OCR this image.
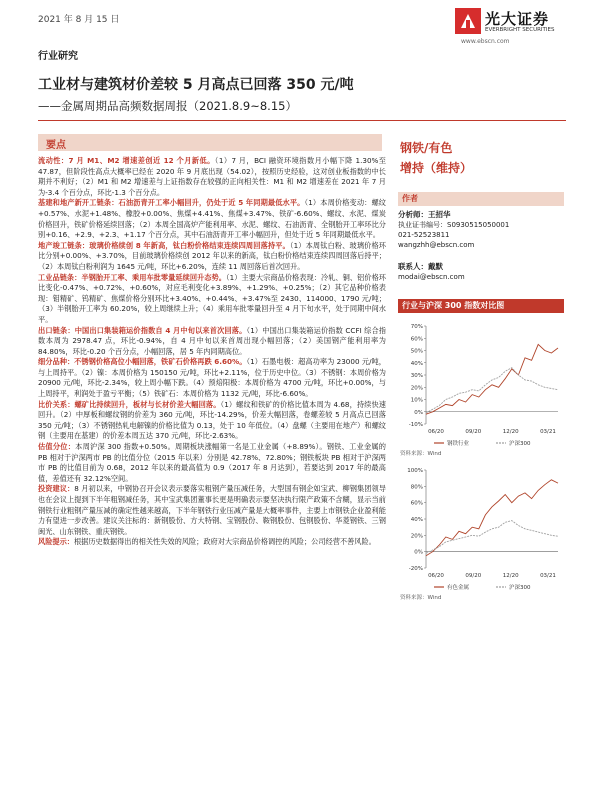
2021 年 8 月 15 日	光大证券
EVERBRIGHT SECURITIES
www.ebscn.com
行业研究
工业材与建筑材价差较 5 月高点已回落 350 元/吨
——金属周期品高频数据周报（2021.8.9~8.15）
要点

流动性：7 月 M1、M2 增速差创近 12 个月新低。（1）7 月，BCI 融资环境指数月小幅下降 1.30%至 47.87，但阶段性高点大概率已经在 2020 年 9 月底出现（54.02），按照历史经验，这对创业板指数的中长期并不利好；（2）M1 和 M2 增速差与上证指数存在较强的正向相关性：M1 和 M2 增速差在 2021 年 7 月为-3.4 个百分点，环比-1.3 个百分点。

基建和地产新开工链条：石油沥青开工率小幅回升，仍处于近 5 年同期最低水平。（1）本周价格变动：螺纹+0.57%、水泥+1.48%、橡胶+0.00%、焦煤+4.41%、焦煤+3.47%、铁矿-6.60%、螺纹、水泥、煤炭价格回升，铁矿价格延续回落；（2）本周全国高炉产能利用率、水泥、螺纹、石油沥青、全钢胎开工率环比分别+0.16、+2.9、+2.3、+1.17 个百分点，其中石油沥青开工率小幅回升，但处于近 5 年同期最低水平。

地产竣工链条：玻璃价格续创 8 年新高，钛白粉价格结束连续四周回落持平。（1）本周钛白粉、玻璃价格环比分别+0.00%、+3.70%，目前玻璃价格续创 2012 年以来的新高，钛白粉价格结束连续四周回落后持平；（2）本周钛白粉利润为 1645 元/吨，环比+6.20%，连续 11 周回落后首次回升。

工业品链条：半钢胎开工率、乘用车批零量延续回升态势。（1）主要大宗商品价格表现：冷轧、铜、铝价格环比变化-0.47%、+0.72%、+0.60%，对应毛利变化+3.89%、+1.29%、+0.25%；（2）其它品种价格表现：钼精矿、钨精矿、焦煤价格分别环比+3.40%、+0.44%、+3.47%至 2430、114000、1790 元/吨；（3）半钢胎开工率为 60.20%，较上周继续上升；（4）乘用车批零量回升至 4 月下旬水平，处于同期中间水平。

出口链条：中国出口集装箱运价指数自 4 月中旬以来首次回落。（1）中国出口集装箱运价指数 CCFI 综合指数本周为 2978.47 点，环比-0.94%，自 4 月中旬以来首周出现小幅回落；（2）美国钢产能利用率为 84.80%，环比-0.20 个百分点，小幅回落，居 5 年内同期高位。

细分品种：不锈钢价格高位小幅回落，铁矿石价格再跌 6.60%。（1）石墨电极：超高功率为 23000 元/吨，与上周持平。（2）镍：本周价格为 150150 元/吨，环比+2.11%，位于历史中位。（3）不锈钢：本周价格为 20900 元/吨，环比-2.34%，较上周小幅下跌。（4）预焙阳极：本周价格为 4700 元/吨，环比+0.00%，与上周持平，利润处于盈亏平衡；（5）铁矿石：本周价格为 1132 元/吨，环比-6.60%。

比价关系：螺矿比持续回升，板材与长材价差大幅回落。（1）螺纹和铁矿的价格比值本周为 4.68，持续快速回升。（2）中厚板和螺纹钢的价差为 360 元/吨，环比-14.29%，价差大幅回落，卷螺差较 5 月高点已回落 350 元/吨；（3）不锈钢热轧电解镍的价格比值为 0.13，处于 10 年低位。（4）盘螺（主要用在地产）和螺纹钢（主要用在基建）的价差本周五达 370 元/吨，环比-2.63%。

估值分位：本周沪深 300 指数+0.50%。周期板块涨幅第一名是工业金属（+8.89%）。钢铁、工业金属的 PB 相对于沪深两市 PB 的比值分位（2015 年以来）分别是 42.78%、72.80%；钢铁板块 PB 相对于沪深两市 PB 的比值目前为 0.68，2012 年以来的最高值为 0.9（2017 年 8 月达到），若要达到 2017 年的最高值，差值还有 32.12%空间。

投资建议：8 月初以来，中钢协召开会议表示要落实粗钢产量压减任务，大型国有钢企如宝武、柳钢集团领导也在会议上提到下半年粗钢减任务，其中宝武集团董事长更是明确表示要坚决执行限产政策不含糊，显示当前钢铁行业粗钢产量压减的确定性越来越高，下半年钢铁行业压减产量是大概率事件，主要上市钢铁企业盈利能力有望进一步改善。建议关注标的：新钢股份、方大特钢、宝钢股份、鞍钢股份、包钢股份、华菱钢铁、三钢闽光、山东钢铁、重庆钢铁。

风险提示：根据历史数据得出的相关性失效的风险；政府对大宗商品价格调控的风险；公司经营不善风险。

钢铁/有色
增持（维持）
作者
分析师：王招华
执业证书编号：S0930515050001
021-52523811
wangzhh@ebscn.com
联系人：戴默
modai@ebscn.com
行业与沪深 300 指数对比图
70%
60%
50%
40%
30%
20%
10%
0%
-10%
06/20	09/20	12/20	03/21
钢铁行业	沪深300
资料来源：Wind
100%
80%
60%
40%
20%
0%
-20%
06/20	09/20	12/20	03/21
有色金属	沪深300
资料来源：Wind
